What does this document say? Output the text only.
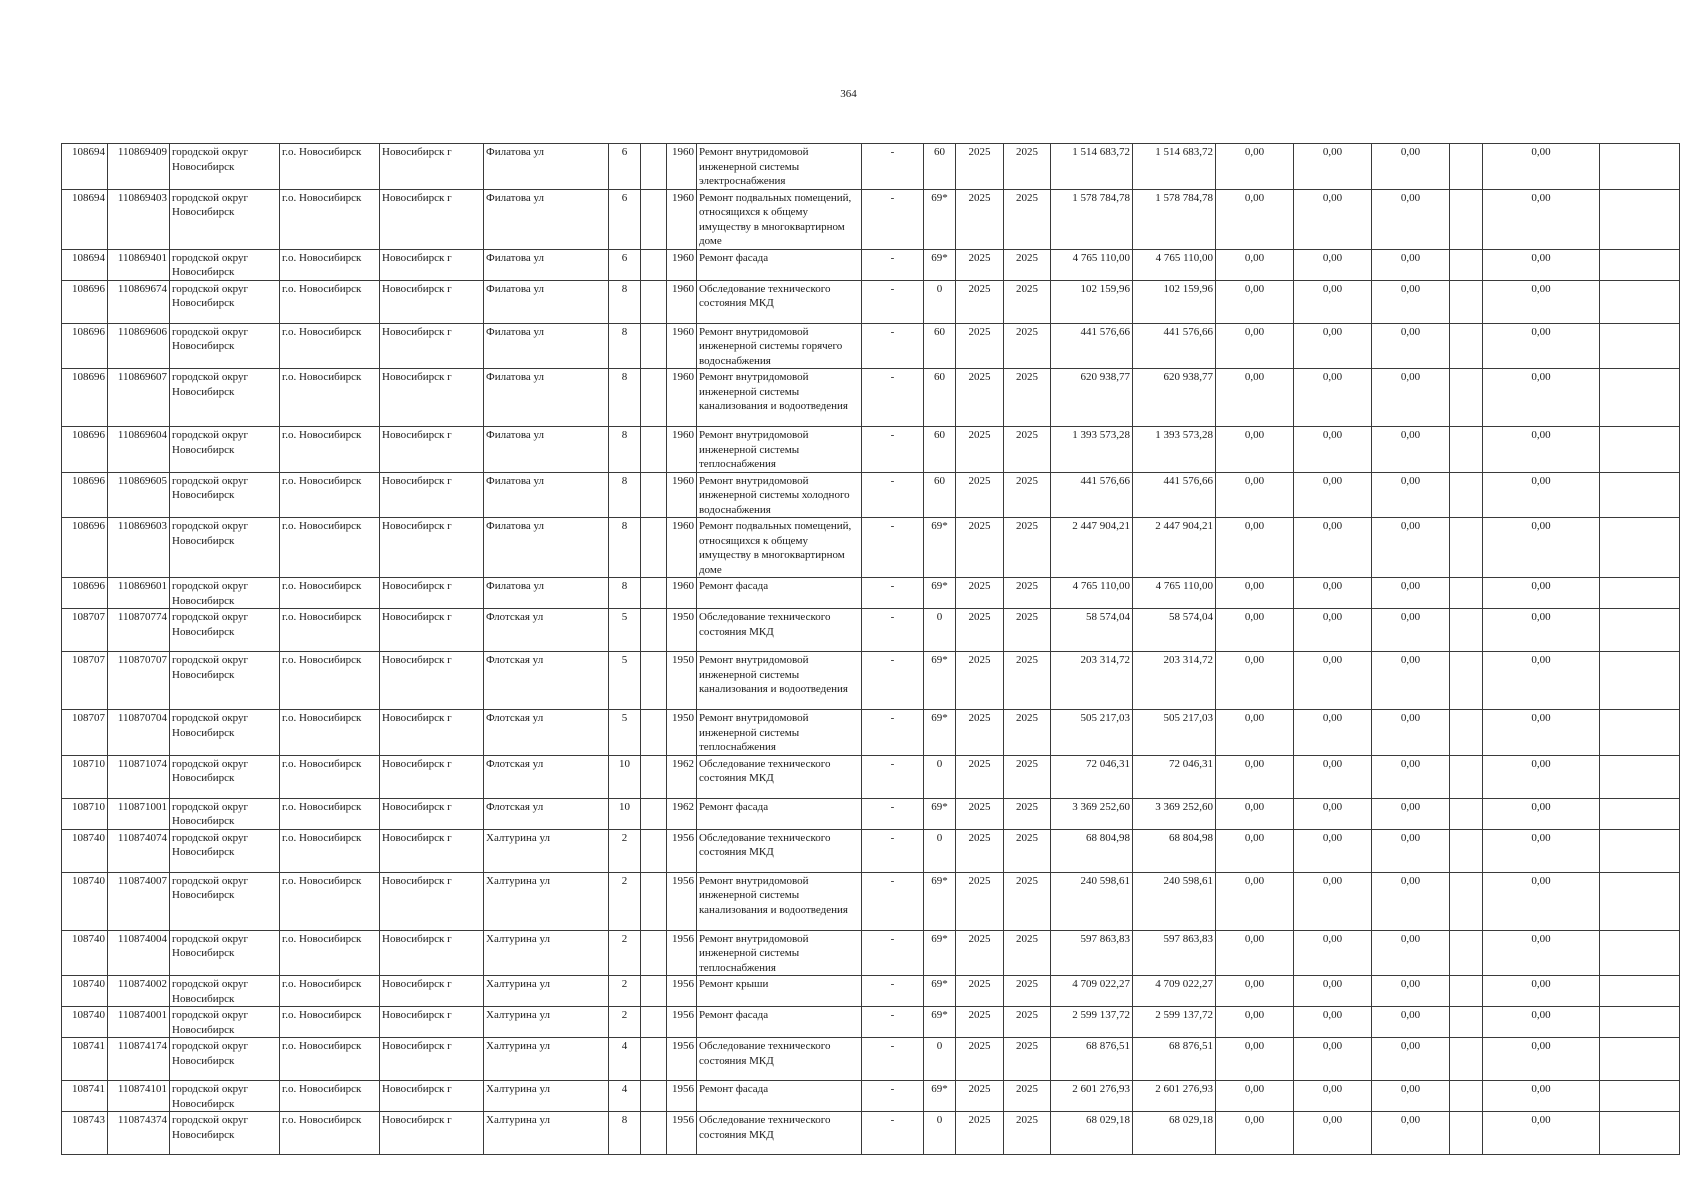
364
108694	110869409	городской округ Новосибирск	г.о. Новосибирск	Новосибирск г	Филатова ул	6		1960	Ремонт внутридомовой инженерной системы электроснабжения	-	60	2025	2025	1 514 683,72	1 514 683,72	0,00	0,00	0,00		0,00	
108694	110869403	городской округ Новосибирск	г.о. Новосибирск	Новосибирск г	Филатова ул	6		1960	Ремонт подвальных помещений, относящихся к общему имуществу в многоквартирном доме	-	69*	2025	2025	1 578 784,78	1 578 784,78	0,00	0,00	0,00		0,00	
108694	110869401	городской округ Новосибирск	г.о. Новосибирск	Новосибирск г	Филатова ул	6		1960	Ремонт фасада	-	69*	2025	2025	4 765 110,00	4 765 110,00	0,00	0,00	0,00		0,00	
108696	110869674	городской округ Новосибирск	г.о. Новосибирск	Новосибирск г	Филатова ул	8		1960	Обследование технического состояния МКД	-	0	2025	2025	102 159,96	102 159,96	0,00	0,00	0,00		0,00	
108696	110869606	городской округ Новосибирск	г.о. Новосибирск	Новосибирск г	Филатова ул	8		1960	Ремонт внутридомовой инженерной системы горячего водоснабжения	-	60	2025	2025	441 576,66	441 576,66	0,00	0,00	0,00		0,00	
108696	110869607	городской округ Новосибирск	г.о. Новосибирск	Новосибирск г	Филатова ул	8		1960	Ремонт внутридомовой инженерной системы канализования и водоотведения	-	60	2025	2025	620 938,77	620 938,77	0,00	0,00	0,00		0,00	
108696	110869604	городской округ Новосибирск	г.о. Новосибирск	Новосибирск г	Филатова ул	8		1960	Ремонт внутридомовой инженерной системы теплоснабжения	-	60	2025	2025	1 393 573,28	1 393 573,28	0,00	0,00	0,00		0,00	
108696	110869605	городской округ Новосибирск	г.о. Новосибирск	Новосибирск г	Филатова ул	8		1960	Ремонт внутридомовой инженерной системы холодного водоснабжения	-	60	2025	2025	441 576,66	441 576,66	0,00	0,00	0,00		0,00	
108696	110869603	городской округ Новосибирск	г.о. Новосибирск	Новосибирск г	Филатова ул	8		1960	Ремонт подвальных помещений, относящихся к общему имуществу в многоквартирном доме	-	69*	2025	2025	2 447 904,21	2 447 904,21	0,00	0,00	0,00		0,00	
108696	110869601	городской округ Новосибирск	г.о. Новосибирск	Новосибирск г	Филатова ул	8		1960	Ремонт фасада	-	69*	2025	2025	4 765 110,00	4 765 110,00	0,00	0,00	0,00		0,00	
108707	110870774	городской округ Новосибирск	г.о. Новосибирск	Новосибирск г	Флотская ул	5		1950	Обследование технического состояния МКД	-	0	2025	2025	58 574,04	58 574,04	0,00	0,00	0,00		0,00	
108707	110870707	городской округ Новосибирск	г.о. Новосибирск	Новосибирск г	Флотская ул	5		1950	Ремонт внутридомовой инженерной системы канализования и водоотведения	-	69*	2025	2025	203 314,72	203 314,72	0,00	0,00	0,00		0,00	
108707	110870704	городской округ Новосибирск	г.о. Новосибирск	Новосибирск г	Флотская ул	5		1950	Ремонт внутридомовой инженерной системы теплоснабжения	-	69*	2025	2025	505 217,03	505 217,03	0,00	0,00	0,00		0,00	
108710	110871074	городской округ Новосибирск	г.о. Новосибирск	Новосибирск г	Флотская ул	10		1962	Обследование технического состояния МКД	-	0	2025	2025	72 046,31	72 046,31	0,00	0,00	0,00		0,00	
108710	110871001	городской округ Новосибирск	г.о. Новосибирск	Новосибирск г	Флотская ул	10		1962	Ремонт фасада	-	69*	2025	2025	3 369 252,60	3 369 252,60	0,00	0,00	0,00		0,00	
108740	110874074	городской округ Новосибирск	г.о. Новосибирск	Новосибирск г	Халтурина ул	2		1956	Обследование технического состояния МКД	-	0	2025	2025	68 804,98	68 804,98	0,00	0,00	0,00		0,00	
108740	110874007	городской округ Новосибирск	г.о. Новосибирск	Новосибирск г	Халтурина ул	2		1956	Ремонт внутридомовой инженерной системы канализования и водоотведения	-	69*	2025	2025	240 598,61	240 598,61	0,00	0,00	0,00		0,00	
108740	110874004	городской округ Новосибирск	г.о. Новосибирск	Новосибирск г	Халтурина ул	2		1956	Ремонт внутридомовой инженерной системы теплоснабжения	-	69*	2025	2025	597 863,83	597 863,83	0,00	0,00	0,00		0,00	
108740	110874002	городской округ Новосибирск	г.о. Новосибирск	Новосибирск г	Халтурина ул	2		1956	Ремонт крыши	-	69*	2025	2025	4 709 022,27	4 709 022,27	0,00	0,00	0,00		0,00	
108740	110874001	городской округ Новосибирск	г.о. Новосибирск	Новосибирск г	Халтурина ул	2		1956	Ремонт фасада	-	69*	2025	2025	2 599 137,72	2 599 137,72	0,00	0,00	0,00		0,00	
108741	110874174	городской округ Новосибирск	г.о. Новосибирск	Новосибирск г	Халтурина ул	4		1956	Обследование технического состояния МКД	-	0	2025	2025	68 876,51	68 876,51	0,00	0,00	0,00		0,00	
108741	110874101	городской округ Новосибирск	г.о. Новосибирск	Новосибирск г	Халтурина ул	4		1956	Ремонт фасада	-	69*	2025	2025	2 601 276,93	2 601 276,93	0,00	0,00	0,00		0,00	
108743	110874374	городской округ Новосибирск	г.о. Новосибирск	Новосибирск г	Халтурина ул	8		1956	Обследование технического состояния МКД	-	0	2025	2025	68 029,18	68 029,18	0,00	0,00	0,00		0,00	
